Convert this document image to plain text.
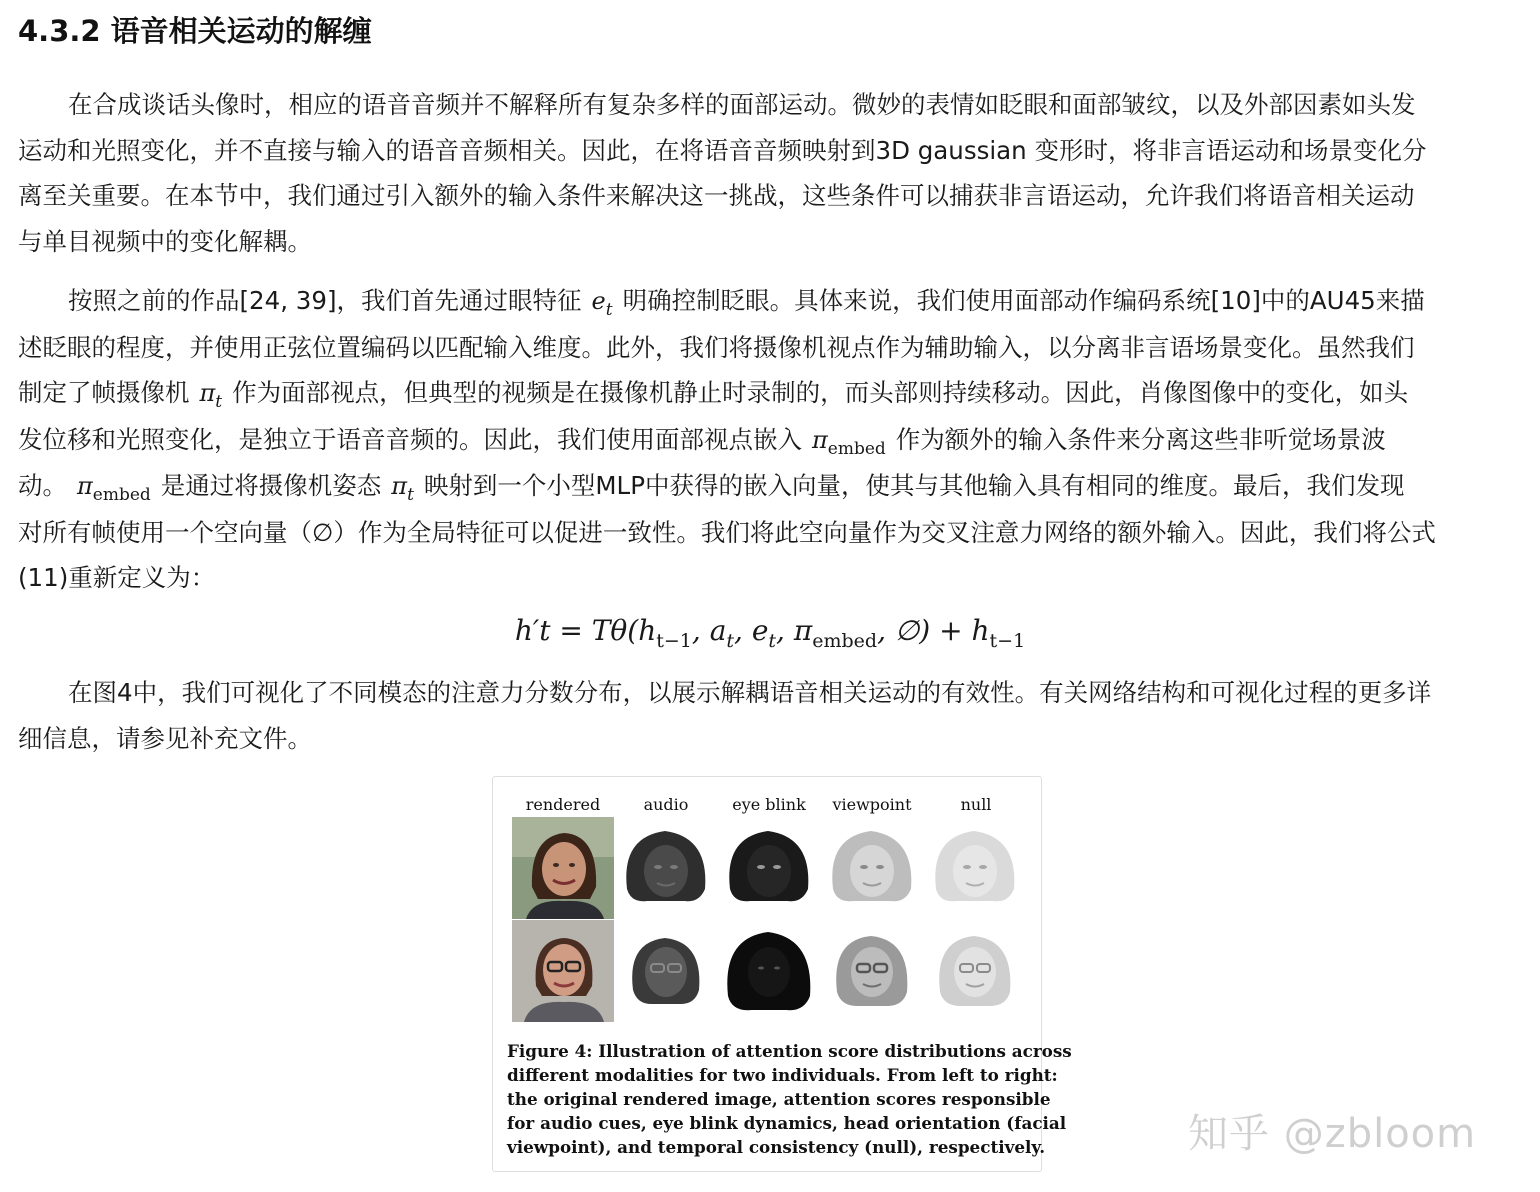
4.3.2 语音相关运动的解缠
在合成谈话头像时，相应的语音音频并不解释所有复杂多样的面部运动。微妙的表情如眨眼和面部皱纹，以及外部因素如头发
运动和光照变化，并不直接与输入的语音音频相关。因此，在将语音音频映射到3D gaussian 变形时，将非言语运动和场景变化分
离至关重要。在本节中，我们通过引入额外的输入条件来解决这一挑战，这些条件可以捕获非言语运动，允许我们将语音相关运动
与单目视频中的变化解耦。
按照之前的作品[24, 39]，我们首先通过眼特征 $e_t$ 明确控制眨眼。具体来说，我们使用面部动作编码系统[10]中的AU45来描
述眨眼的程度，并使用正弦位置编码以匹配输入维度。此外，我们将摄像机视点作为辅助输入，以分离非言语场景变化。虽然我们
制定了帧摄像机 $\pi_t$ 作为面部视点，但典型的视频是在摄像机静止时录制的，而头部则持续移动。因此，肖像图像中的变化，如头
发位移和光照变化，是独立于语音音频的。因此，我们使用面部视点嵌入 $\pi_{embed}$ 作为额外的输入条件来分离这些非听觉场景波
动。 $\pi_{embed}$ 是通过将摄像机姿态 $\pi_t$ 映射到一个小型MLP中获得的嵌入向量，使其与其他输入具有相同的维度。最后，我们发现
对所有帧使用一个空向量（∅）作为全局特征可以促进一致性。我们将此空向量作为交叉注意力网络的额外输入。因此，我们将公式
(11)重新定义为：
$h't = T\theta(h_{t-1}$, $a_t$, $e_t$, $\pi_{embed}$, ∅) + $h_{t-1}$
在图4中，我们可视化了不同模态的注意力分数分布，以展示解耦语音相关运动的有效性。有关网络结构和可视化过程的更多详
细信息，请参见补充文件。
rendered	audio	eye blink	viewpoint	null
Figure 4: Illustration of attention score distributions across
different modalities for two individuals. From left to right:
the original rendered image, attention scores responsible
for audio cues, eye blink dynamics, head orientation (facial
viewpoint), and temporal consistency (null), respectively.	知乎 @zbloom
